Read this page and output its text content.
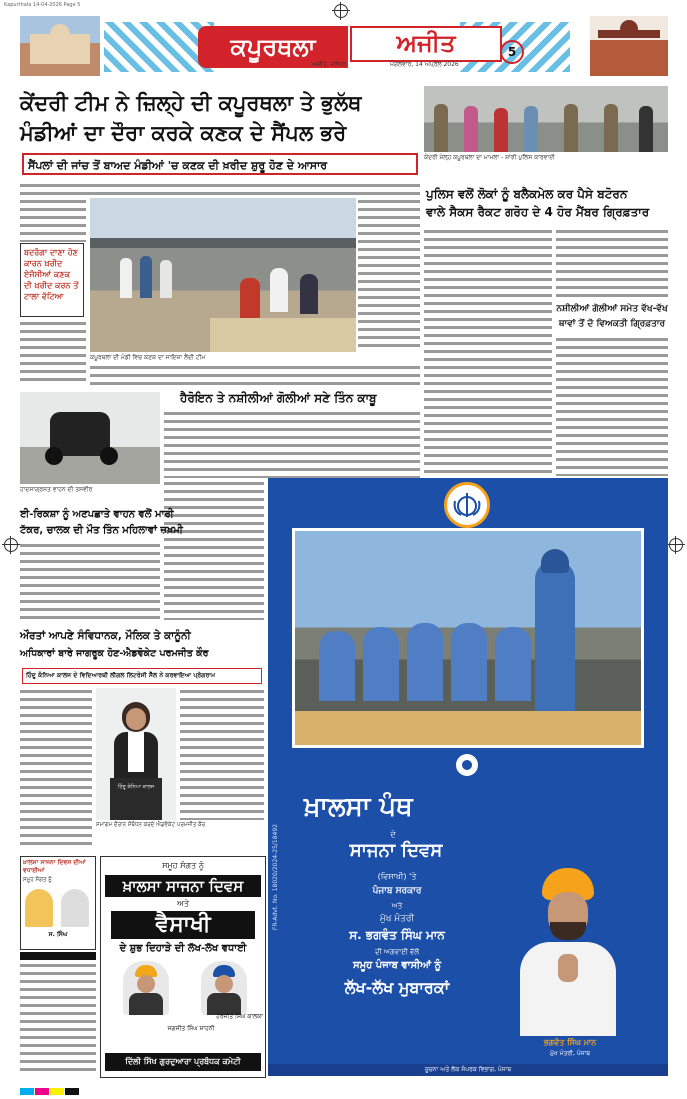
Kapurthala 14-04-2026 Page 5
ਕਪੂਰਥਲਾ	ਅਜੀਤ
ਅਜੀਤ, ਜਲੰਧਰ	ਮੰਗਲਵਾਰ, 14 ਅਪ੍ਰੈਲ 2026
5
ਕੇਂਦਰੀ ਟੀਮ ਨੇ ਜ਼ਿਲ੍ਹੇ ਦੀ ਕਪੂਰਥਲਾ ਤੇ ਭੁਲੱਥ
ਮੰਡੀਆਂ ਦਾ ਦੌਰਾ ਕਰਕੇ ਕਣਕ ਦੇ ਸੈਂਪਲ ਭਰੇ
ਸੈਂਪਲਾਂ ਦੀ ਜਾਂਚ ਤੋਂ ਬਾਅਦ ਮੰਡੀਆਂ 'ਚ ਕਣਕ ਦੀ ਖ਼ਰੀਦ ਸ਼ੁਰੂ ਹੋਣ ਦੇ ਆਸਾਰ
ਬਦਰੰਗਾ ਦਾਣਾ ਹੋਣ ਕਾਰਨ ਖ਼ਰੀਦ ਏਜੰਸੀਆਂ ਕਣਕ ਦੀ ਖ਼ਰੀਦ ਕਰਨ ਤੋਂ ਟਾਲਾ ਵੱਟਿਆ
ਕਪੂਰਥਲਾ ਦੀ ਮੰਡੀ ਵਿਚ ਕਣਕ ਦਾ ਜਾਇਜ਼ਾ ਲੈਂਦੀ ਟੀਮ
ਕੇਂਦਰੀ ਜੇਲ੍ਹ ਕਪੂਰਥਲਾ ਦਾ ਮਾਮਲਾ - ਸਾਂਝੀ ਪੁਲਿਸ ਕਾਰਵਾਈ
ਪੁਲਿਸ ਵਲੋਂ ਲੋਕਾਂ ਨੂੰ ਬਲੈਕਮੇਲ ਕਰ ਪੈਸੇ ਬਟੋਰਨ
ਵਾਲੇ ਸੈਕਸ ਰੈਕਟ ਗਰੋਹ ਦੇ 4 ਹੋਰ ਮੈਂਬਰ ਗ੍ਰਿਫ਼ਤਾਰ
ਨਸ਼ੀਲੀਆਂ ਗੋਲੀਆਂ ਸਮੇਤ ਵੱਖ-ਵੱਖ
ਥਾਵਾਂ ਤੋਂ ਦੋ ਵਿਅਕਤੀ ਗ੍ਰਿਫ਼ਤਾਰ
ਹਾਦਸਾਗ੍ਰਸਤ ਵਾਹਨ ਦੀ ਤਸਵੀਰ
ਹੈਰੋਇਨ ਤੇ ਨਸ਼ੀਲੀਆਂ ਗੋਲੀਆਂ ਸਣੇ ਤਿੰਨ ਕਾਬੂ
ਈ-ਰਿਕਸ਼ਾ ਨੂੰ ਅਣਪਛਾਤੇ ਵਾਹਨ ਵਲੋਂ ਮਾਰੀ
ਟੱਕਰ, ਚਾਲਕ ਦੀ ਮੌਤ ਤਿੰਨ ਮਹਿਲਾਵਾਂ ਜ਼ਖ਼ਮੀ
ਔਰਤਾਂ ਆਪਣੇ ਸੰਵਿਧਾਨਕ, ਮੌਲਿਕ ਤੇ ਕਾਨੂੰਨੀ
ਅਧਿਕਾਰਾਂ ਬਾਰੇ ਜਾਗਰੂਕ ਹੋਣ-ਐਡਵੋਕੇਟ ਪਰਮਜੀਤ ਕੌਰ
ਹਿੰਦੂ ਕੰਨਿਆ ਕਾਲਜ ਦੇ ਵਿਦਿਆਰਥੀ ਲੀਗਲ ਲਿਟਰੇਸੀ ਸੈੱਲ ਨੇ ਕਰਵਾਇਆ ਪ੍ਰੋਗਰਾਮ
ਹਿੰਦੂ ਕੰਨਿਆ ਕਾਲਜ
ਸਮਾਗਮ ਦੌਰਾਨ ਸੰਬੋਧਨ ਕਰਦੇ ਐਡਵੋਕੇਟ ਪਰਮਜੀਤ ਕੌਰ
ਖ਼ਾਲਸਾ ਸਾਜਨਾ ਦਿਵਸ ਦੀਆਂ ਵਧਾਈਆਂ
ਸਮੂਹ ਸੰਗਤ ਨੂੰ
ਸ. ਸਿੰਘ
ਸਮੂਹ ਸੰਗਤ ਨੂੰ
ਖ਼ਾਲਸਾ ਸਾਜਨਾ ਦਿਵਸ
ਅਤੇ
ਵੈਸਾਖੀ
ਦੇ ਸ਼ੁਭ ਦਿਹਾੜੇ ਦੀ ਲੱਖ-ਲੱਖ ਵਧਾਈ
ਹਰਜੀਤ ਸਿੰਘ ਕਾਲਕਾ
ਜਗਜੀਤ ਸਿੰਘ ਸਾਹਨੀ
ਦਿੱਲੀ ਸਿੱਖ ਗੁਰਦੁਆਰਾ ਪ੍ਰਬੰਧਕ ਕਮੇਟੀ
FR-Advt. No. 18020/2024-25/18492
ਖ਼ਾਲਸਾ ਪੰਥ
ਦੇ
ਸਾਜਨਾ ਦਿਵਸ
(ਵਿਸਾਖੀ) 'ਤੇ
ਪੰਜਾਬ ਸਰਕਾਰ
ਅਤੇ
ਮੁੱਖ ਮੰਤਰੀ
ਸ. ਭਗਵੰਤ ਸਿੰਘ ਮਾਨ
ਦੀ ਅਗਵਾਈ ਵੱਲੋਂ
ਸਮੂਹ ਪੰਜਾਬ ਵਾਸੀਆਂ ਨੂੰ
ਲੱਖ-ਲੱਖ ਮੁਬਾਰਕਾਂ
ਭਗਵੰਤ ਸਿੰਘ ਮਾਨ
ਮੁੱਖ ਮੰਤਰੀ, ਪੰਜਾਬ
ਸੂਚਨਾ ਅਤੇ ਲੋਕ ਸੰਪਰਕ ਵਿਭਾਗ, ਪੰਜਾਬ
